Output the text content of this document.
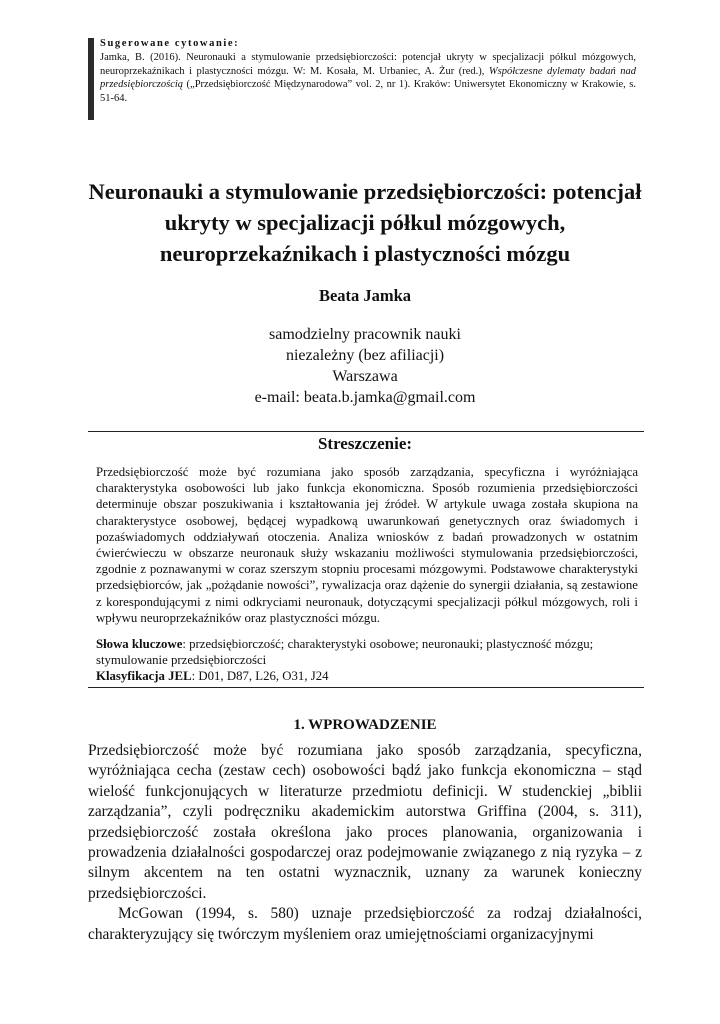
Sugerowane cytowanie:
Jamka, B. (2016). Neuronauki a stymulowanie przedsiębiorczości: potencjał ukryty w specjalizacji półkul mózgowych, neuroprzekaźnikach i plastyczności mózgu. W: M. Kosała, M. Urbaniec, A. Żur (red.), Współczesne dylematy badań nad przedsiębiorczością („Przedsiębiorczość Międzynarodowa” vol. 2, nr 1). Kraków: Uniwersytet Ekonomiczny w Krakowie, s. 51-64.
Neuronauki a stymulowanie przedsiębiorczości: potencjał ukryty w specjalizacji półkul mózgowych, neuroprzekaźnikach i plastyczności mózgu
Beata Jamka
samodzielny pracownik nauki
niezależny (bez afiliacji)
Warszawa
e-mail: beata.b.jamka@gmail.com
Streszczenie:
Przedsiębiorczość może być rozumiana jako sposób zarządzania, specyficzna i wyróżniająca charakterystyka osobowości lub jako funkcja ekonomiczna. Sposób rozumienia przedsiębiorczości determinuje obszar poszukiwania i kształtowania jej źródeł. W artykule uwaga została skupiona na charakterystyce osobowej, będącej wypadkową uwarunkowań genetycznych oraz świadomych i pozaświadomych oddziaływań otoczenia. Analiza wniosków z badań prowadzonych w ostatnim ćwierćwieczu w obszarze neuronauk służy wskazaniu możliwości stymulowania przedsiębiorczości, zgodnie z poznawanymi w coraz szerszym stopniu procesami mózgowymi. Podstawowe charakterystyki przedsiębiorców, jak „pożądanie nowości”, rywalizacja oraz dążenie do synergii działania, są zestawione z korespondującymi z nimi odkryciami neuronauk, dotyczącymi specjalizacji półkul mózgowych, roli i wpływu neuroprzekaźników oraz plastyczności mózgu.
Słowa kluczowe: przedsiębiorczość; charakterystyki osobowe; neuronauki; plastyczność mózgu; stymulowanie przedsiębiorczości
Klasyfikacja JEL: D01, D87, L26, O31, J24
1. WPROWADZENIE

Przedsiębiorczość może być rozumiana jako sposób zarządzania, specyficzna, wyróżniająca cecha (zestaw cech) osobowości bądź jako funkcja ekonomiczna – stąd wielość funkcjonujących w literaturze przedmiotu definicji. W studenckiej „biblii zarządzania”, czyli podręczniku akademickim autorstwa Griffina (2004, s. 311), przedsiębiorczość została określona jako proces planowania, organizowania i prowadzenia działalności gospodarczej oraz podejmowanie związanego z nią ryzyka – z silnym akcentem na ten ostatni wyznacznik, uznany za warunek konieczny przedsiębiorczości.

McGowan (1994, s. 580) uznaje przedsiębiorczość za rodzaj działalności, charakteryzujący się twórczym myśleniem oraz umiejętnościami organizacyjnymi
